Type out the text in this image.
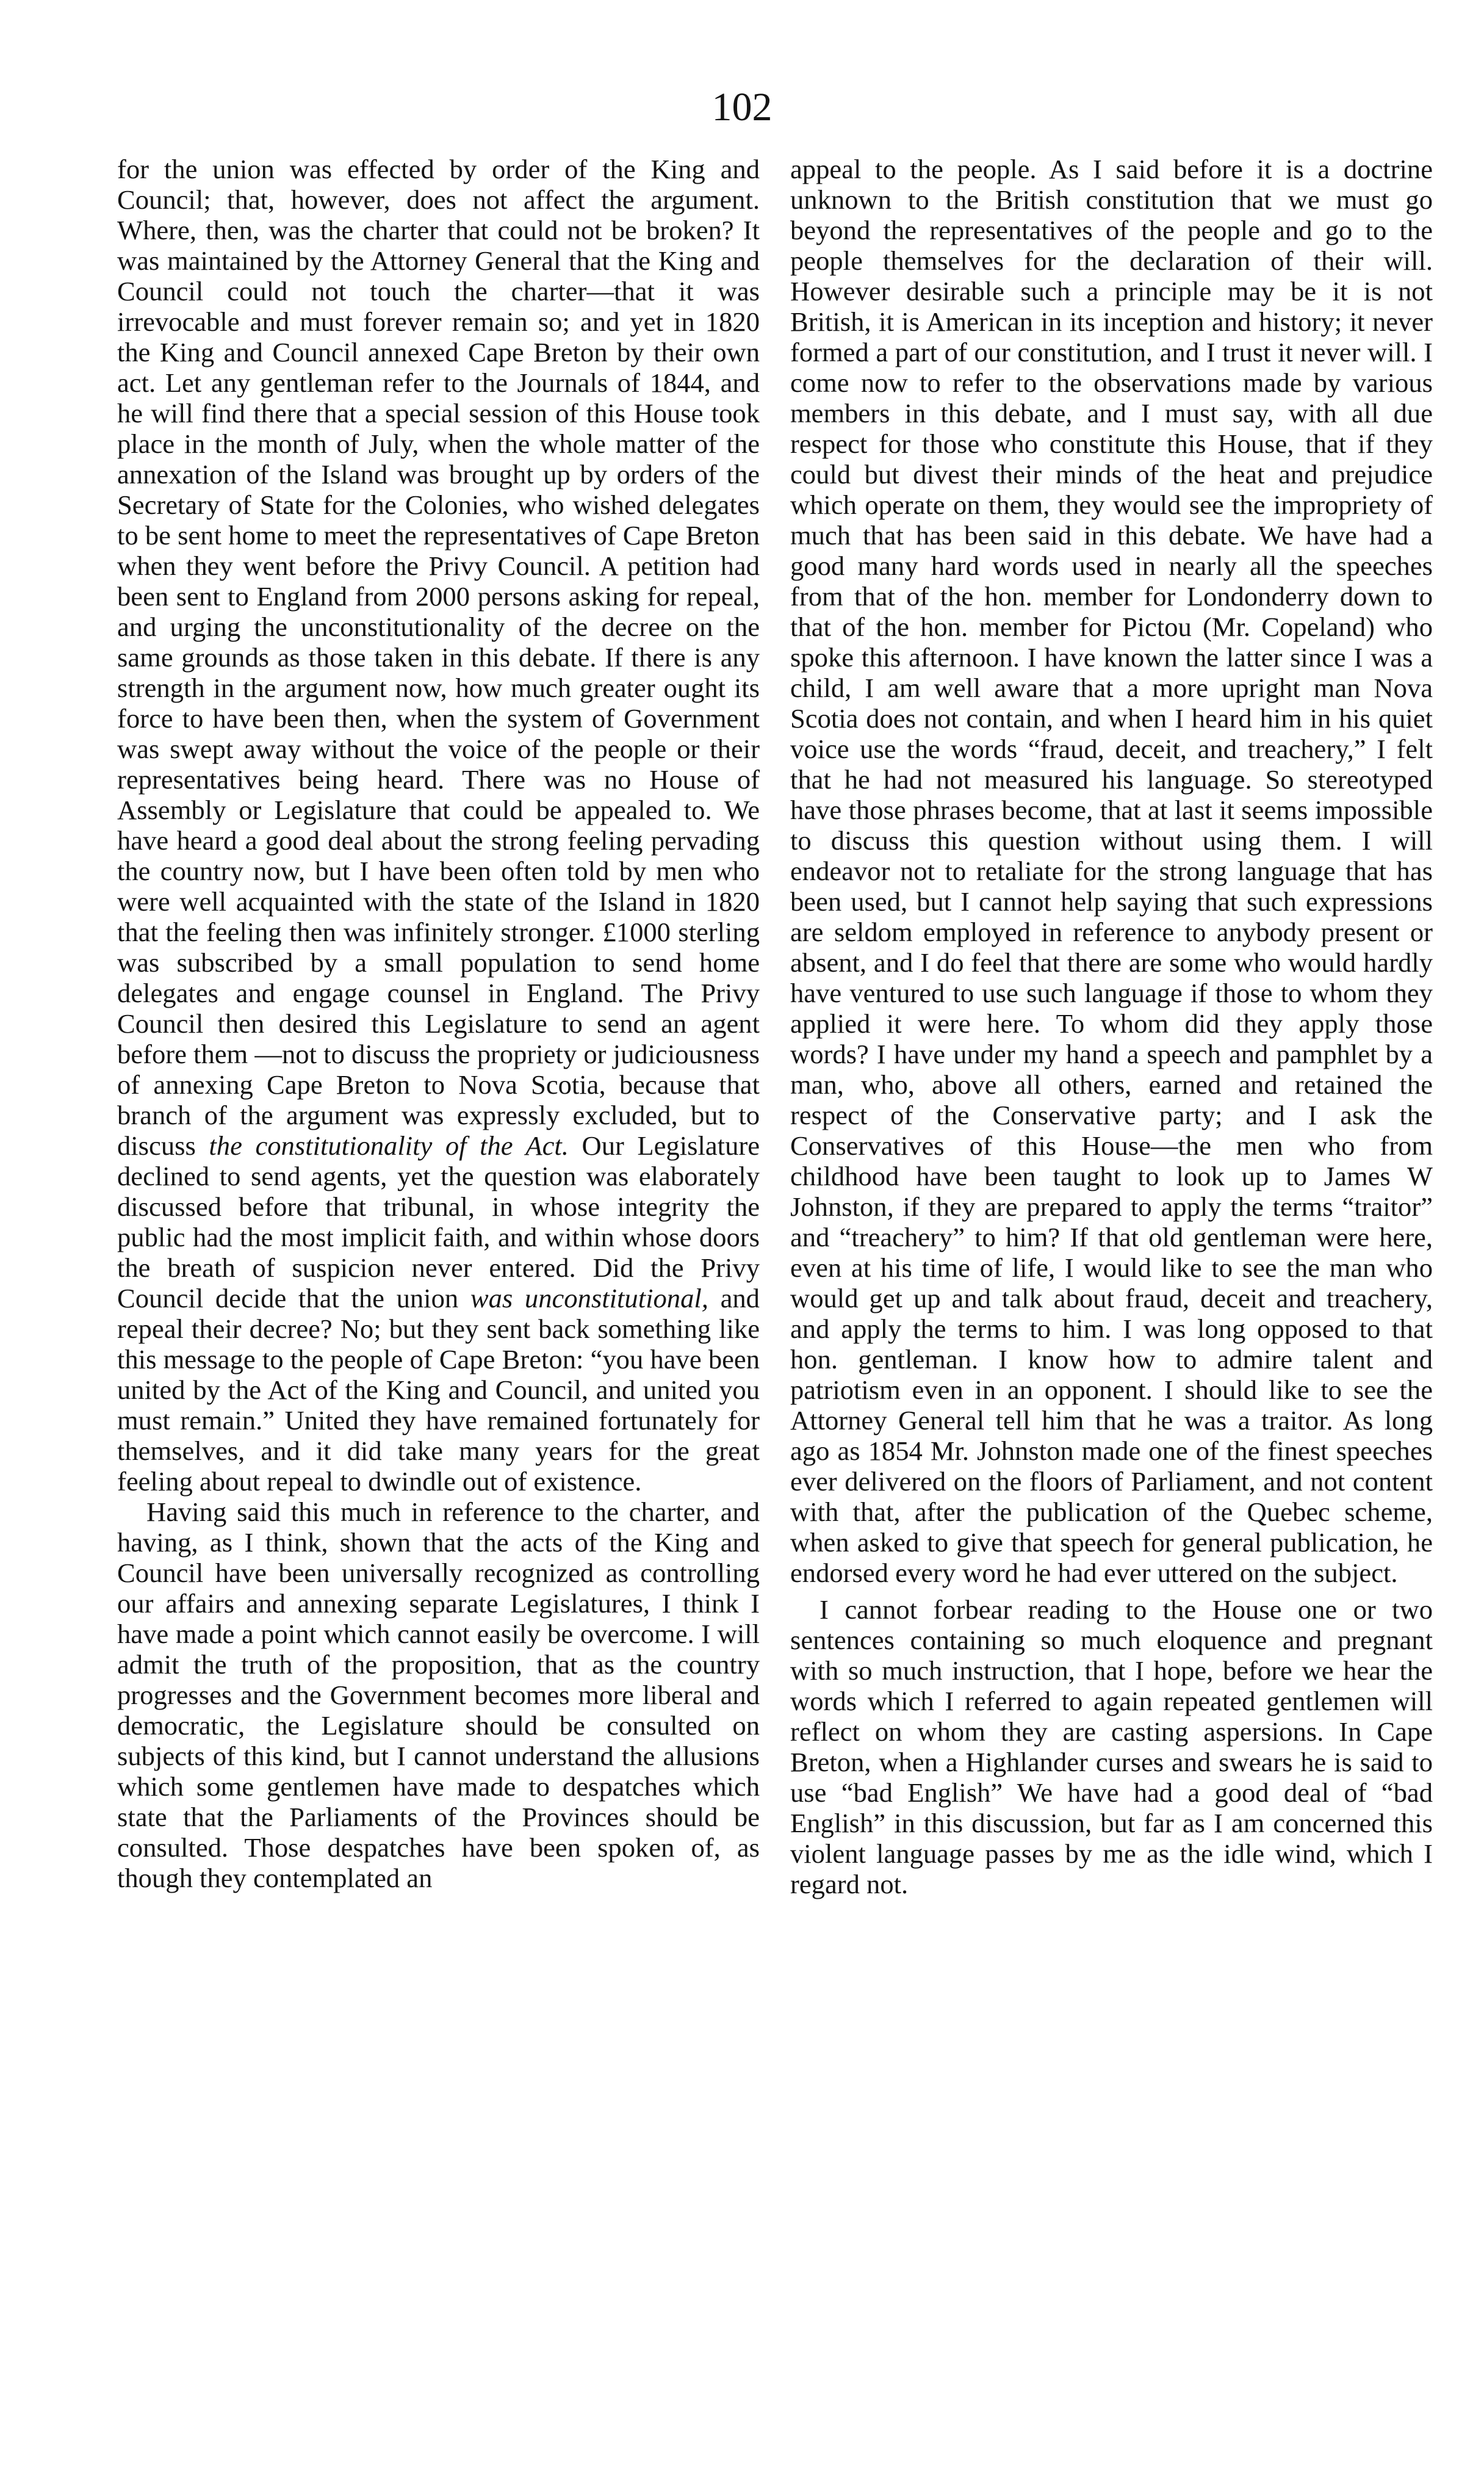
102

for the union was effected by order of the King and Council; that, however, does not affect the argument. Where, then, was the charter that could not be broken? It was maintained by the Attorney General that the King and Council could not touch the charter—that it was irrevocable and must forever remain so; and yet in 1820 the King and Council annexed Cape Breton by their own act. Let any gentleman refer to the Journals of 1844, and he will find there that a special session of this House took place in the month of July, when the whole matter of the annexation of the Island was brought up by orders of the Secretary of State for the Colonies, who wished delegates to be sent home to meet the representatives of Cape Breton when they went before the Privy Council. A petition had been sent to England from 2000 persons asking for repeal, and urging the unconstitutionality of the decree on the same grounds as those taken in this debate. If there is any strength in the argument now, how much greater ought its force to have been then, when the system of Government was swept away without the voice of the people or their representatives being heard. There was no House of Assembly or Legislature that could be appealed to. We have heard a good deal about the strong feeling pervading the country now, but I have been often told by men who were well acquainted with the state of the Island in 1820 that the feeling then was infinitely stronger. £1000 sterling was subscribed by a small population to send home delegates and engage counsel in England. The Privy Council then desired this Legislature to send an agent before them —not to discuss the propriety or judiciousness of annexing Cape Breton to Nova Scotia, because that branch of the argument was expressly excluded, but to discuss the constitutionality of the Act. Our Legislature declined to send agents, yet the question was elaborately discussed before that tribunal, in whose integrity the public had the most implicit faith, and within whose doors the breath of suspicion never entered. Did the Privy Council decide that the union was unconstitutional, and repeal their decree? No; but they sent back something like this message to the people of Cape Breton: “you have been united by the Act of the King and Council, and united you must remain.” United they have remained fortunately for themselves, and it did take many years for the great feeling about repeal to dwindle out of existence.

Having said this much in reference to the charter, and having, as I think, shown that the acts of the King and Council have been universally recognized as controlling our affairs and annexing separate Legislatures, I think I have made a point which cannot easily be overcome. I will admit the truth of the proposition, that as the country progresses and the Government becomes more liberal and democratic, the Legislature should be consulted on subjects of this kind, but I cannot understand the allusions which some gentlemen have made to despatches which state that the Parliaments of the Provinces should be consulted. Those despatches have been spoken of, as though they contemplated an

appeal to the people. As I said before it is a doctrine unknown to the British constitution that we must go beyond the representatives of the people and go to the people themselves for the declaration of their will. However desirable such a principle may be it is not British, it is American in its inception and history; it never formed a part of our constitution, and I trust it never will. I come now to refer to the observations made by various members in this debate, and I must say, with all due respect for those who constitute this House, that if they could but divest their minds of the heat and prejudice which operate on them, they would see the impropriety of much that has been said in this debate. We have had a good many hard words used in nearly all the speeches from that of the hon. member for Londonderry down to that of the hon. member for Pictou (Mr. Copeland) who spoke this afternoon. I have known the latter since I was a child, I am well aware that a more upright man Nova Scotia does not contain, and when I heard him in his quiet voice use the words “fraud, deceit, and treachery,” I felt that he had not measured his language. So stereotyped have those phrases become, that at last it seems impossible to discuss this question without using them. I will endeavor not to retaliate for the strong language that has been used, but I cannot help saying that such expressions are seldom employed in reference to anybody present or absent, and I do feel that there are some who would hardly have ventured to use such language if those to whom they applied it were here. To whom did they apply those words? I have under my hand a speech and pamphlet by a man, who, above all others, earned and retained the respect of the Conservative party; and I ask the Conservatives of this House—the men who from childhood have been taught to look up to James W Johnston, if they are prepared to apply the terms “traitor” and “treachery” to him? If that old gentleman were here, even at his time of life, I would like to see the man who would get up and talk about fraud, deceit and treachery, and apply the terms to him. I was long opposed to that hon. gentleman. I know how to admire talent and patriotism even in an opponent. I should like to see the Attorney General tell him that he was a traitor. As long ago as 1854 Mr. Johnston made one of the finest speeches ever delivered on the floors of Parliament, and not content with that, after the publication of the Quebec scheme, when asked to give that speech for general publication, he endorsed every word he had ever uttered on the subject.

I cannot forbear reading to the House one or two sentences containing so much eloquence and pregnant with so much instruction, that I hope, before we hear the words which I referred to again repeated gentlemen will reflect on whom they are casting aspersions. In Cape Breton, when a Highlander curses and swears he is said to use “bad English” We have had a good deal of “bad English” in this discussion, but far as I am concerned this violent language passes by me as the idle wind, which I regard not.
